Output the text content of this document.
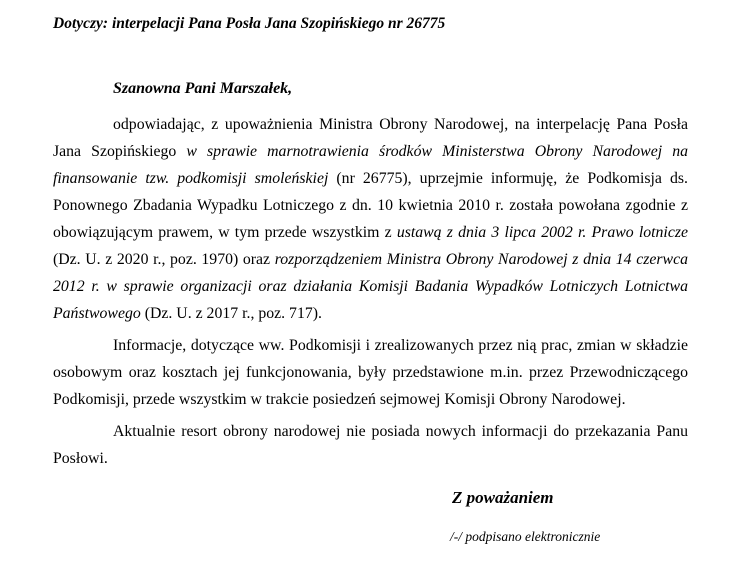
Dotyczy: interpelacji Pana Posła Jana Szopińskiego nr 26775
Szanowna Pani Marszałek,

odpowiadając, z upoważnienia Ministra Obrony Narodowej, na interpelację Pana Posła Jana Szopińskiego w sprawie marnotrawienia środków Ministerstwa Obrony Narodowej na finansowanie tzw. podkomisji smoleńskiej (nr 26775), uprzejmie informuję, że Podkomisja ds. Ponownego Zbadania Wypadku Lotniczego z dn. 10 kwietnia 2010 r. została powołana zgodnie z obowiązującym prawem, w tym przede wszystkim z ustawą z dnia 3 lipca 2002 r. Prawo lotnicze (Dz. U. z 2020 r., poz. 1970) oraz rozporządzeniem Ministra Obrony Narodowej z dnia 14 czerwca 2012 r. w sprawie organizacji oraz działania Komisji Badania Wypadków Lotniczych Lotnictwa Państwowego (Dz. U. z 2017 r., poz. 717).

Informacje, dotyczące ww. Podkomisji i zrealizowanych przez nią prac, zmian w składzie osobowym oraz kosztach jej funkcjonowania, były przedstawione m.in. przez Przewodniczącego Podkomisji, przede wszystkim w trakcie posiedzeń sejmowej Komisji Obrony Narodowej.

Aktualnie resort obrony narodowej nie posiada nowych informacji do przekazania Panu Posłowi.

Z poważaniem
/-/ podpisano elektronicznie
